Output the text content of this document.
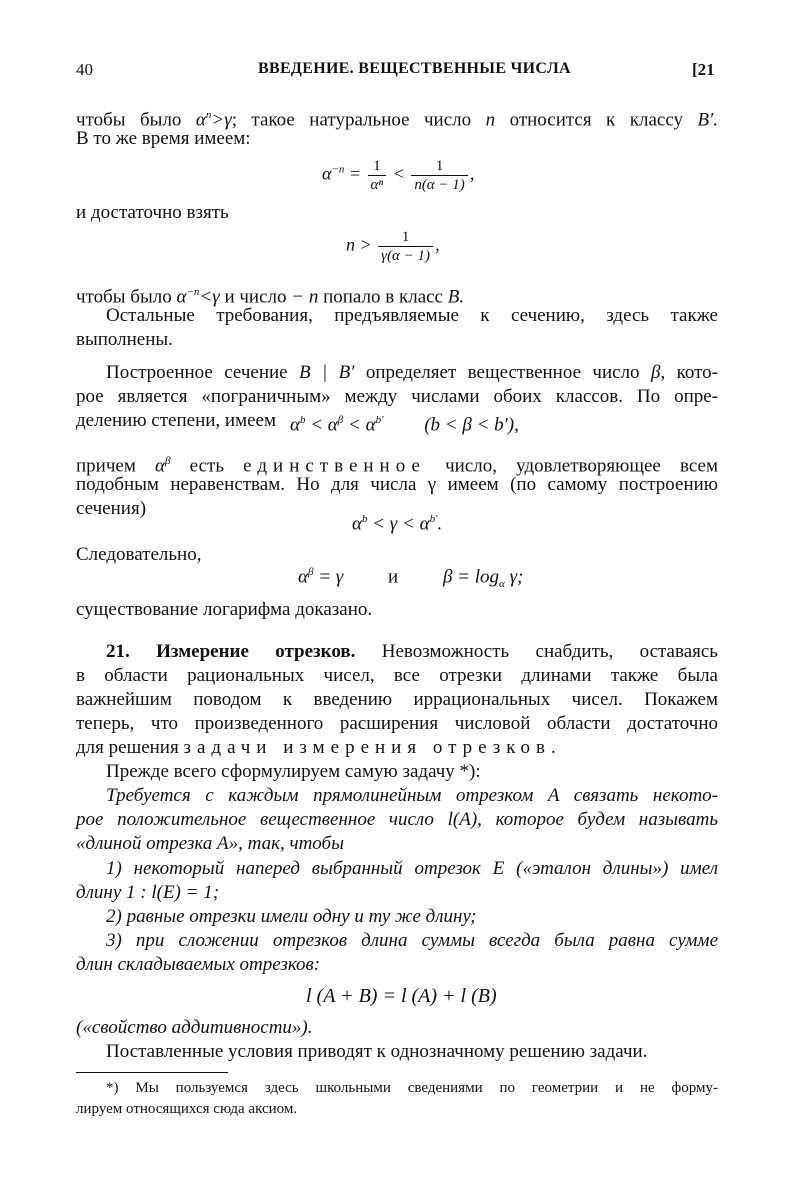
40	ВВЕДЕНИЕ. ВЕЩЕСТВЕННЫЕ ЧИСЛА	[21
чтобы было $\alpha^n>\gamma$; такое натуральное число n относится к классу B′.
В то же время имеем:
$\alpha^{-n} = \frac{1}{\text{αⁿ}} < \frac{1}{n(\alpha - 1)}$ ,
и достаточно взять
$n > \frac{1}{\gamma(\alpha - 1)}$ ,
чтобы было $\alpha^{-n}<\gamma$ и число − n попало в класс B.
Остальные требования, предъявляемые к сечению, здесь также
выполнены.
Построенное сечение B | B′ определяет вещественное число β, кото-
рое является «пограничным» между числами обоих классов. По опре-
делению степени, имеем $\alpha^b < \alpha^\beta < \alpha^{b'}$ (b < β < b′),
причем $\alpha^\beta$ есть единственное число, удовлетворяющее всем
подобным неравенствам. Но для числа γ имеем (по самому построению
сечения)
$\alpha^b < \gamma < \alpha^{b'}$.
Следовательно,
$\alpha^\beta = \gamma$ и $\beta = \log_\alpha \gamma$;
существование логарифма доказано.
21. Измерение отрезков. Невозможность снабдить, оставаясь
в области рациональных чисел, все отрезки длинами также была
важнейшим поводом к введению иррациональных чисел. Покажем
теперь, что произведенного расширения числовой области достаточно
для решения задачи измерения отрезков.
Прежде всего сформулируем самую задачу *):
Требуется с каждым прямолинейным отрезком A связать некото-
рое положительное вещественное число l(A), которое будем называть
«длиной отрезка A», так, чтобы
1) некоторый наперед выбранный отрезок E («эталон длины») имел
длину 1 : l(E) = 1;
2) равные отрезки имели одну и ту же длину;
3) при сложении отрезков длина суммы всегда была равна сумме
длин складываемых отрезков:
l (A + B) = l (A) + l (B)
(«свойство аддитивности»).
Поставленные условия приводят к однозначному решению задачи.
*) Мы пользуемся здесь школьными сведениями по геометрии и не форму-
лируем относящихся сюда аксиом.
